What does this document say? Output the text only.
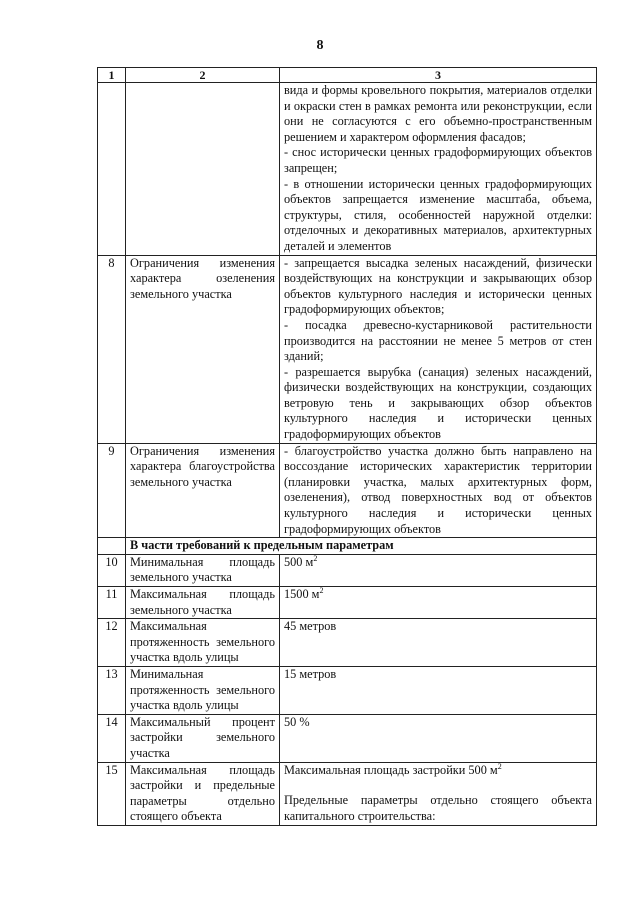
8
1	2	3

		вида и формы кровельного покрытия, материалов отделки и окраски стен в рамках ремонта или реконструкции, если они не согласуются с его объемно-пространственным решением и характером оформления фасадов;

- снос исторически ценных градоформирующих объектов запрещен;

- в отношении исторически ценных градоформирующих объектов запрещается изменение масштаба, объема, структуры, стиля, особенностей наружной отделки: отделочных и декоративных материалов, архитектурных деталей и элементов

8	Ограничения изменения характера озеленения земельного участка	- запрещается высадка зеленых насаждений, физически воздействующих на конструкции и закрывающих обзор объектов культурного наследия и исторически ценных градоформирующих объектов;

- посадка древесно-кустарниковой растительности производится на расстоянии не менее 5 метров от стен зданий;

- разрешается вырубка (санация) зеленых насаждений, физически воздействующих на конструкции, создающих ветровую тень и закрывающих обзор объектов культурного наследия и исторически ценных градоформирующих объектов

9	Ограничения изменения характера благоустройства земельного участка	- благоустройство участка должно быть направлено на воссоздание исторических характеристик территории (планировки участка, малых архитектурных форм, озеленения), отвод поверхностных вод от объектов культурного наследия и исторически ценных градоформирующих объектов
	В части требований к предельным параметрам	
10	Минимальная площадь земельного участка	500 $м^2$
11	Максимальная площадь земельного участка	1500 $м^2$
12	Максимальная протяженность земельного участка вдоль улицы	45 метров
13	Минимальная протяженность земельного участка вдоль улицы	15 метров
14	Максимальный процент застройки земельного участка	50 %
15	Максимальная площадь застройки и предельные параметры отдельно стоящего объекта	Максимальная площадь застройки 500 $м^2$

Предельные параметры отдельно стоящего объекта капитального строительства:
